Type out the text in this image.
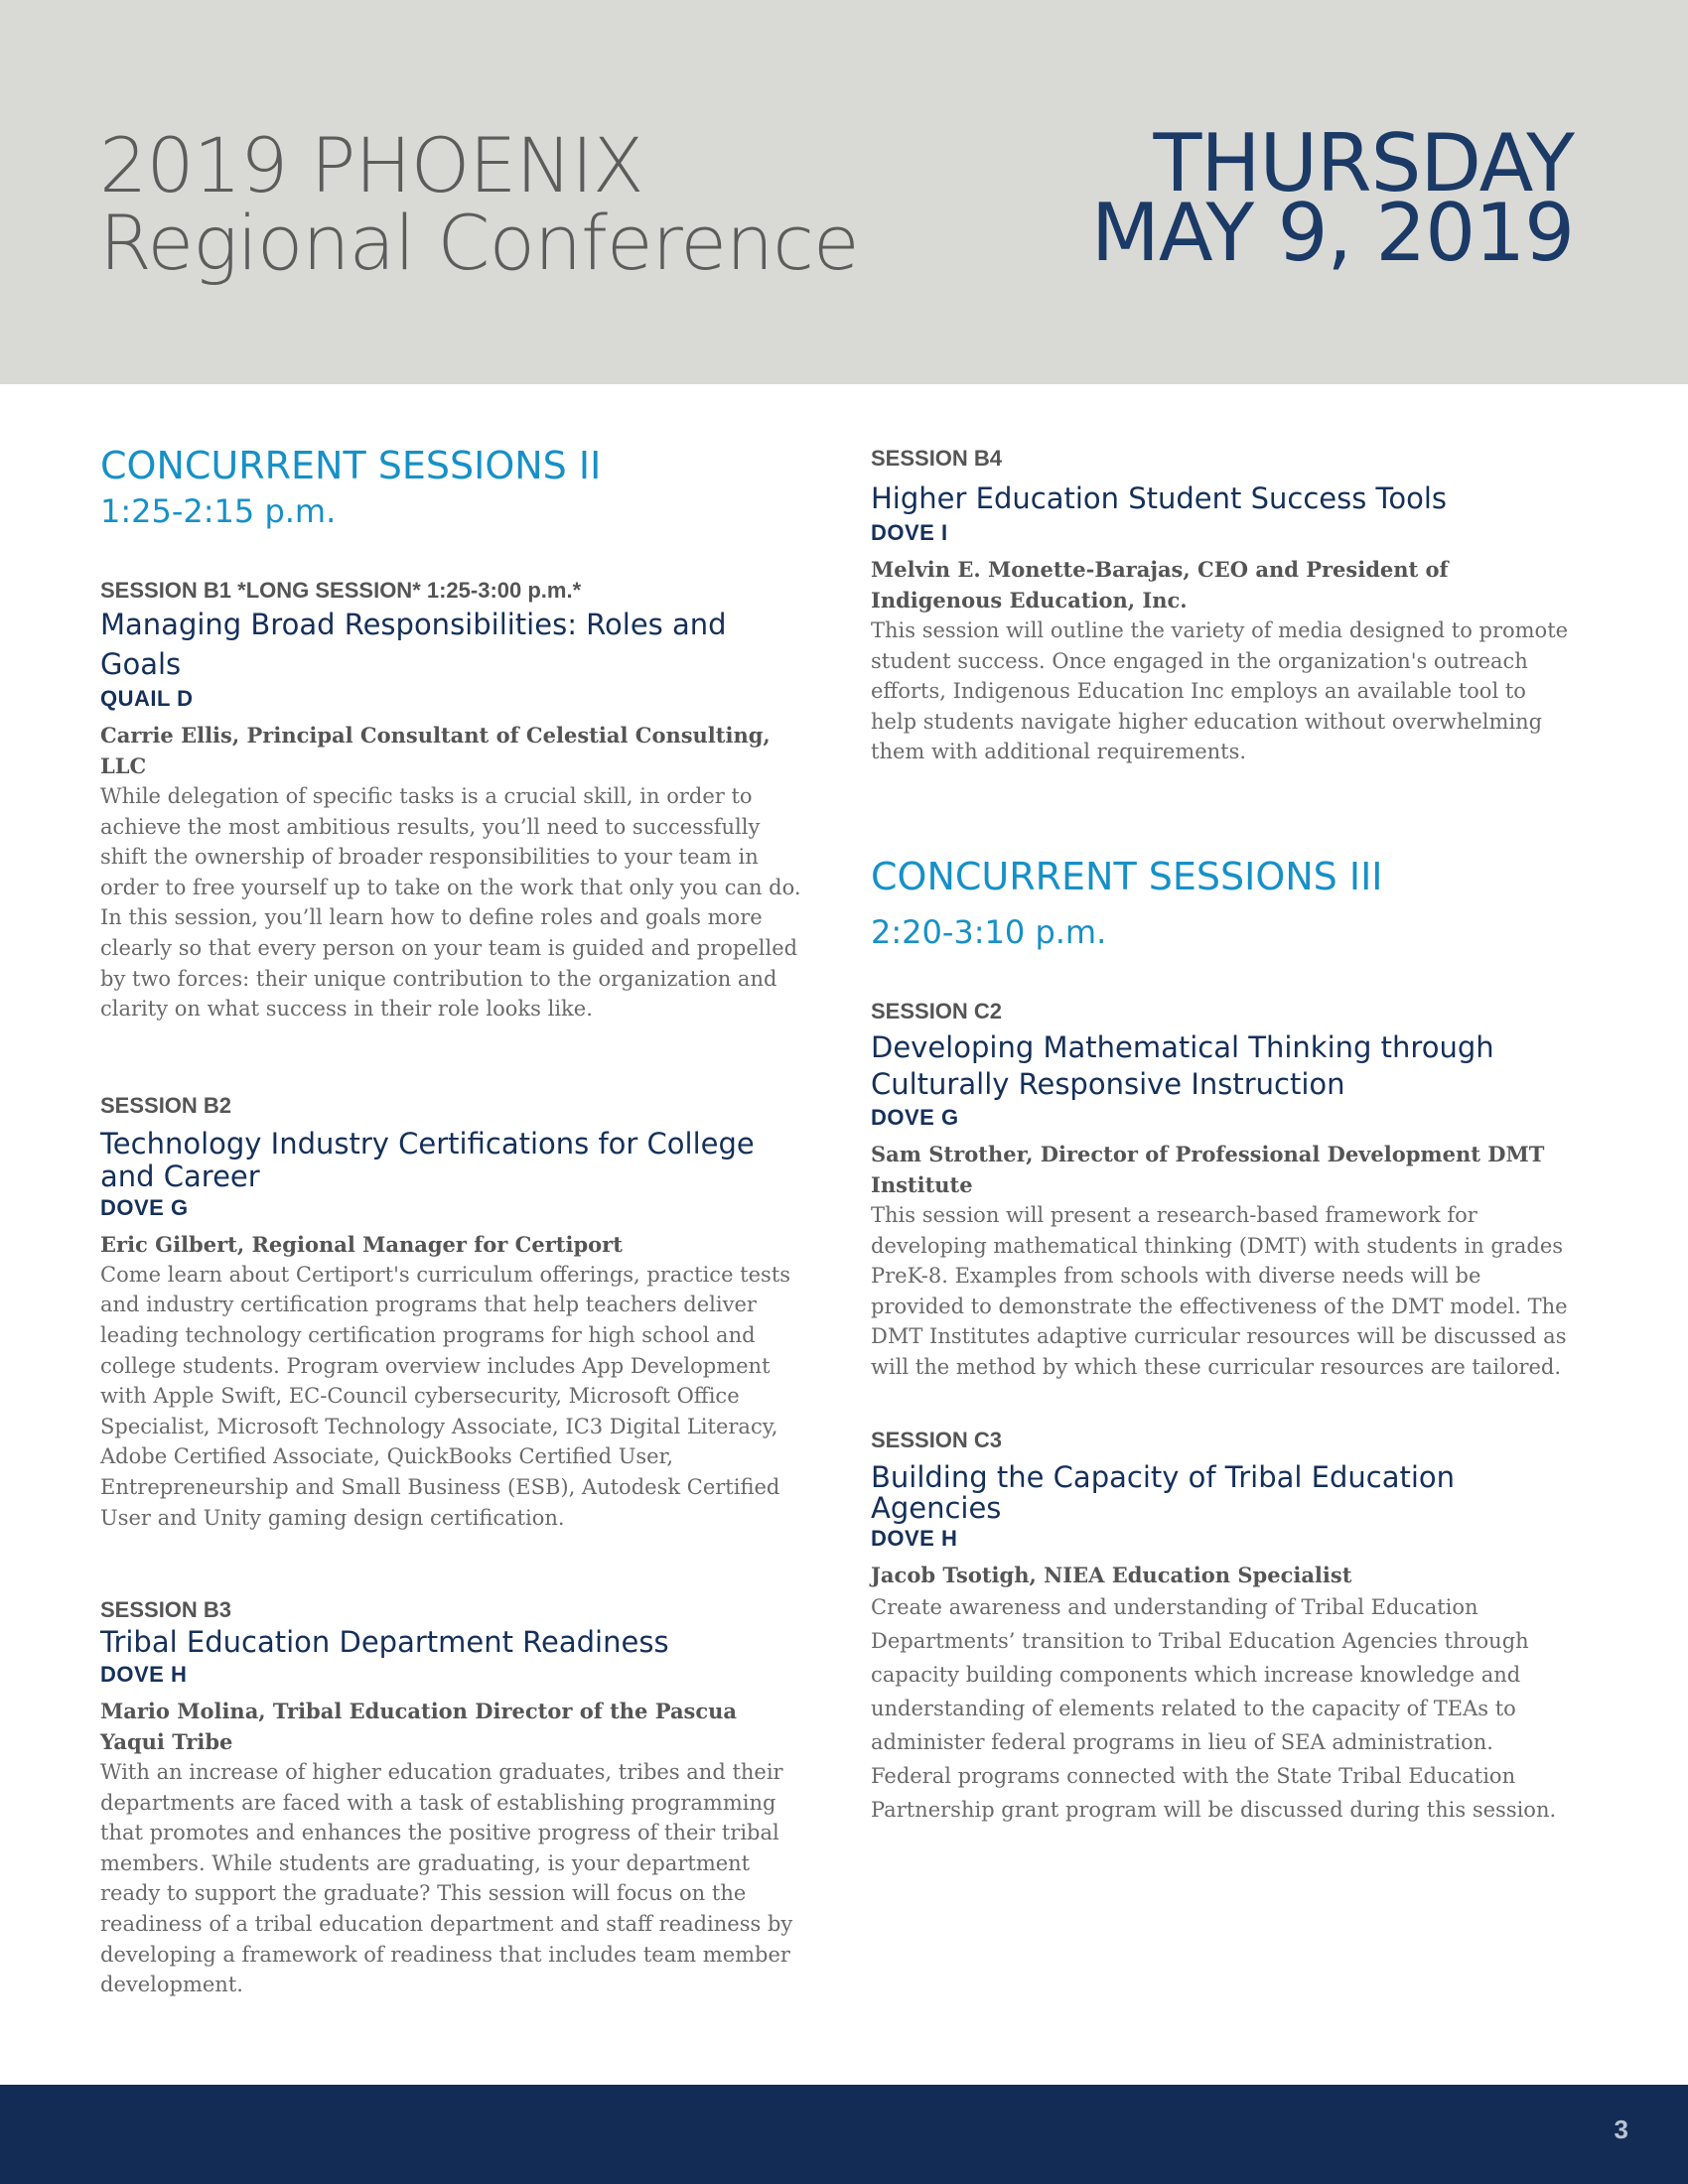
2019 PHOENIX
Regional Conference
THURSDAY
MAY 9, 2019

CONCURRENT SESSIONS II

1:25-2:15 p.m.

SESSION B1 *LONG SESSION* 1:25-3:00 p.m.*

Managing Broad Responsibilities: Roles and Goals

QUAIL D

Carrie Ellis, Principal Consultant of Celestial Consulting, LLC

While delegation of specific tasks is a crucial skill, in order to achieve the most ambitious results, you’ll need to successfully shift the ownership of broader responsibilities to your team in order to free yourself up to take on the work that only you can do. In this session, you’ll learn how to define roles and goals more clearly so that every person on your team is guided and propelled by two forces: their unique contribution to the organization and clarity on what success in their role looks like.

SESSION B2

Technology Industry Certifications for College and Career

DOVE G

Eric Gilbert, Regional Manager for Certiport

Come learn about Certiport's curriculum offerings, practice tests and industry certification programs that help teachers deliver leading technology certification programs for high school and college students. Program overview includes App Development with Apple Swift, EC-Council cybersecurity, Microsoft Office Specialist, Microsoft Technology Associate, IC3 Digital Literacy, Adobe Certified Associate, QuickBooks Certified User, Entrepreneurship and Small Business (ESB), Autodesk Certified User and Unity gaming design certification.

SESSION B3

Tribal Education Department Readiness

DOVE H

Mario Molina, Tribal Education Director of the Pascua Yaqui Tribe

With an increase of higher education graduates, tribes and their departments are faced with a task of establishing programming that promotes and enhances the positive progress of their tribal members. While students are graduating, is your department ready to support the graduate? This session will focus on the readiness of a tribal education department and staff readiness by developing a framework of readiness that includes team member development.

SESSION B4

Higher Education Student Success Tools

DOVE I

Melvin E. Monette-Barajas, CEO and President of Indigenous Education, Inc.

This session will outline the variety of media designed to promote student success. Once engaged in the organization's outreach efforts, Indigenous Education Inc employs an available tool to help students navigate higher education without overwhelming them with additional requirements.

CONCURRENT SESSIONS III

2:20-3:10 p.m.

SESSION C2

Developing Mathematical Thinking through Culturally Responsive Instruction

DOVE G

Sam Strother, Director of Professional Development DMT Institute

This session will present a research-based framework for developing mathematical thinking (DMT) with students in grades PreK-8. Examples from schools with diverse needs will be provided to demonstrate the effectiveness of the DMT model. The DMT Institutes adaptive curricular resources will be discussed as will the method by which these curricular resources are tailored.

SESSION C3

Building the Capacity of Tribal Education Agencies

DOVE H

Jacob Tsotigh, NIEA Education Specialist

Create awareness and understanding of Tribal Education Departments’ transition to Tribal Education Agencies through capacity building components which increase knowledge and understanding of elements related to the capacity of TEAs to administer federal programs in lieu of SEA administration. Federal programs connected with the State Tribal Education Partnership grant program will be discussed during this session.

3
